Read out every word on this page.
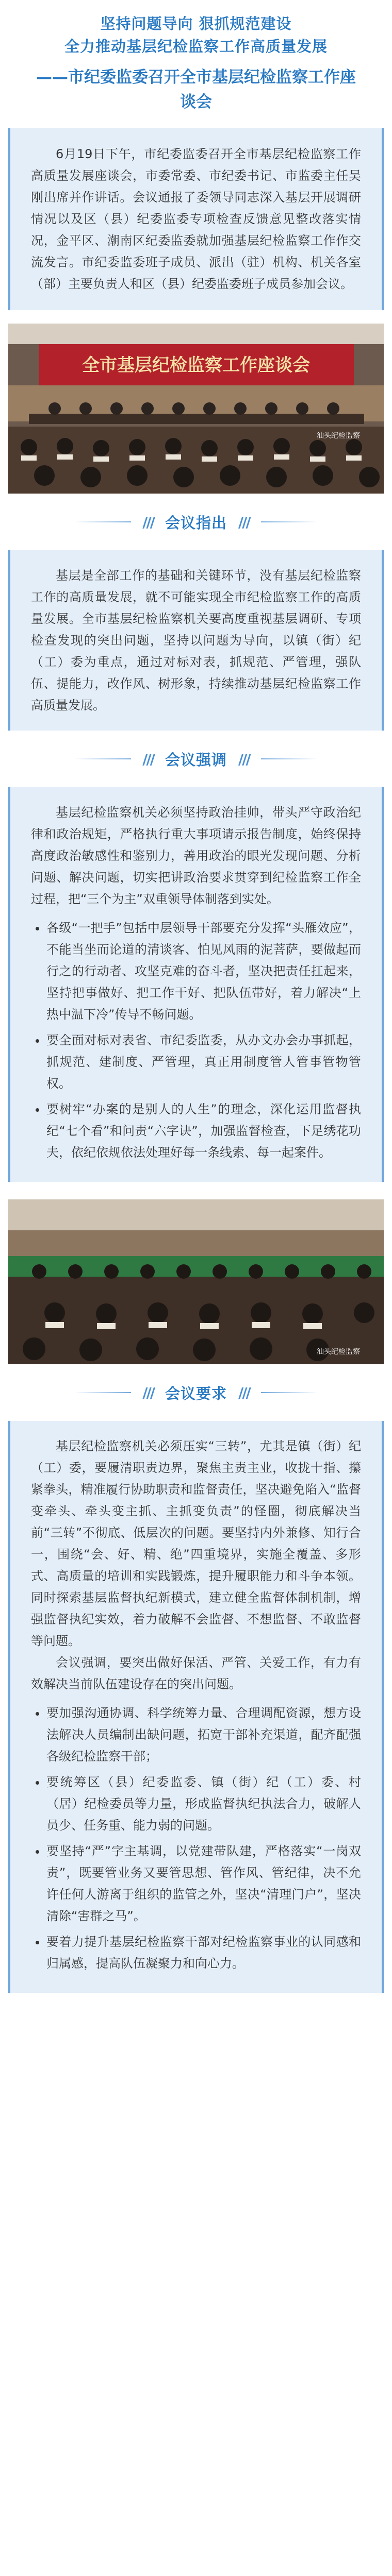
坚持问题导向 狠抓规范建设
全力推动基层纪检监察工作高质量发展
——市纪委监委召开全市基层纪检监察工作座
谈会

6月19日下午，市纪委监委召开全市基层纪检监察工作高质量发展座谈会，市委常委、市纪委书记、市监委主任吴刚出席并作讲话。会议通报了委领导同志深入基层开展调研情况以及区（县）纪委监委专项检查反馈意见整改落实情况，金平区、潮南区纪委监委就加强基层纪检监察工作作交流发言。市纪委监委班子成员、派出（驻）机构、机关各室（部）主要负责人和区（县）纪委监委班子成员参加会议。

全市基层纪检监察工作座谈会
汕头纪检监察
/// 会议指出 ///

基层是全部工作的基础和关键环节，没有基层纪检监察工作的高质量发展，就不可能实现全市纪检监察工作的高质量发展。全市基层纪检监察机关要高度重视基层调研、专项检查发现的突出问题，坚持以问题为导向，以镇（街）纪（工）委为重点，通过对标对表，抓规范、严管理，强队伍、提能力，改作风、树形象，持续推动基层纪检监察工作高质量发展。

/// 会议强调 ///

基层纪检监察机关必须坚持政治挂帅，带头严守政治纪律和政治规矩，严格执行重大事项请示报告制度，始终保持高度政治敏感性和鉴别力，善用政治的眼光发现问题、分析问题、解决问题，切实把讲政治要求贯穿到纪检监察工作全过程，把“三个为主”双重领导体制落到实处。

• 各级“一把手”包括中层领导干部要充分发挥“头雁效应”，不能当坐而论道的清谈客、怕见风雨的泥菩萨，要做起而行之的行动者、攻坚克难的奋斗者，坚决把责任扛起来，坚持把事做好、把工作干好、把队伍带好，着力解决“上热中温下冷”传导不畅问题。
• 要全面对标对表省、市纪委监委，从办文办会办事抓起，抓规范、建制度、严管理，真正用制度管人管事管物管权。
• 要树牢“办案的是别人的人生”的理念，深化运用监督执纪“七个看”和问责“六字诀”，加强监督检查，下足绣花功夫，依纪依规依法处理好每一条线索、每一起案件。
汕头纪检监察
/// 会议要求 ///

基层纪检监察机关必须压实“三转”，尤其是镇（街）纪（工）委，要履清职责边界，聚焦主责主业，收拢十指、攥紧拳头，精准履行协助职责和监督责任，坚决避免陷入“监督变牵头、牵头变主抓、主抓变负责”的怪圈，彻底解决当前“三转”不彻底、低层次的问题。要坚持内外兼修、知行合一，围绕“会、好、精、绝”四重境界，实施全覆盖、多形式、高质量的培训和实践锻炼，提升履职能力和斗争本领。同时探索基层监督执纪新模式，建立健全监督体制机制，增强监督执纪实效，着力破解不会监督、不想监督、不敢监督等问题。

会议强调，要突出做好保活、严管、关爱工作，有力有效解决当前队伍建设存在的突出问题。

• 要加强沟通协调、科学统筹力量、合理调配资源，想方设法解决人员编制出缺问题，拓宽干部补充渠道，配齐配强各级纪检监察干部；
• 要统筹区（县）纪委监委、镇（街）纪（工）委、村（居）纪检委员等力量，形成监督执纪执法合力，破解人员少、任务重、能力弱的问题。
• 要坚持“严”字主基调，以党建带队建，严格落实“一岗双责”，既要管业务又要管思想、管作风、管纪律，决不允许任何人游离于组织的监管之外，坚决“清理门户”，坚决清除“害群之马”。
• 要着力提升基层纪检监察干部对纪检监察事业的认同感和归属感，提高队伍凝聚力和向心力。
